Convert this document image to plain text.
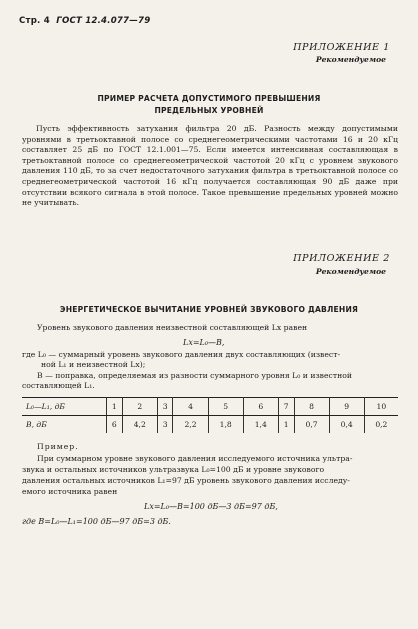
Стр. 4 ГОСТ 12.4.077—79
ПРИЛОЖЕНИЕ 1
Рекомендуемое
ПРИМЕР РАСЧЕТА ДОПУСТИМОГО ПРЕВЫШЕНИЯ
ПРЕДЕЛЬНЫХ УРОВНЕЙ
Пусть эффективность затухания фильтра 20 дБ. Разность между допустимыми уровнями в третьоктавной полосе со среднегеометрическими частотами 16 и 20 кГц составляет 25 дБ по ГОСТ 12.1.001—75. Если имеется интенсивная составляющая в третьоктавной полосе со среднегеометрической частотой 20 кГц с уровнем звукового давления 110 дБ, то за счет недостаточного затухания фильтра в третьоктавной полосе со среднегеометрической частотой 16 кГц получается составляющая 90 дБ даже при отсутствии всякого сигнала в этой полосе. Такое превышение предельных уровней можно не учитывать.
ПРИЛОЖЕНИЕ 2
Рекомендуемое
ЭНЕРГЕТИЧЕСКОЕ ВЫЧИТАНИЕ УРОВНЕЙ ЗВУКОВОГО ДАВЛЕНИЯ
Уровень звукового давления неизвестной составляющей Lx равен
Lx=L₀—B,
где L₀ — суммарный уровень звукового давления двух составляющих (извест-
ной L₁ и неизвестной Lx);
B — поправка, определяемая из разности суммарного уровня L₀ и известной
составляющей L₁.
L₀—L₁, дБ	1	2	3	4	5	6	7	8	9	10
B, дБ	6	4,2	3	2,2	1,8	1,4	1	0,7	0,4	0,2
Пример.
При суммарном уровне звукового давления исследуемого источника ультра-
звука и остальных источников ультразвука L₀=100 дБ и уровне звукового
давления остальных источников L₁=97 дБ уровень звукового давления исследу-
емого источника равен
Lx=L₀—B=100 дБ—3 дБ=97 дБ,
где B=L₀—L₁=100 дБ—97 дБ=3 дБ.
